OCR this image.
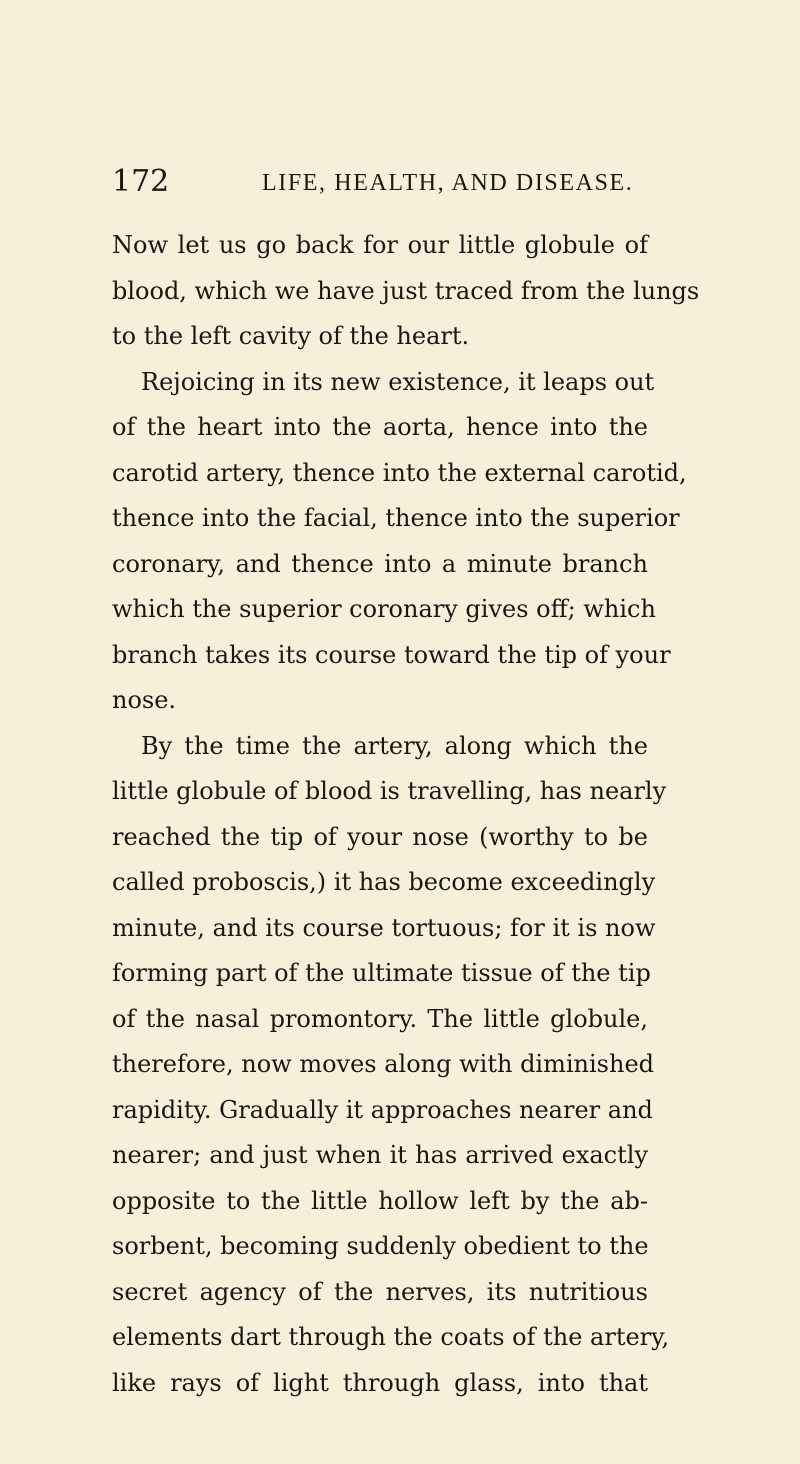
172	LIFE, HEALTH, AND DISEASE.
Now let us go back for our little globule of
blood, which we have just traced from the lungs
to the left cavity of the heart.
Rejoicing in its new existence, it leaps out
of the heart into the aorta, hence into the
carotid artery, thence into the external carotid,
thence into the facial, thence into the superior
coronary, and thence into a minute branch
which the superior coronary gives off; which
branch takes its course toward the tip of your
nose.
By the time the artery, along which the
little globule of blood is travelling, has nearly
reached the tip of your nose (worthy to be
called proboscis,) it has become exceedingly
minute, and its course tortuous; for it is now
forming part of the ultimate tissue of the tip
of the nasal promontory. The little globule,
therefore, now moves along with diminished
rapidity. Gradually it approaches nearer and
nearer; and just when it has arrived exactly
opposite to the little hollow left by the ab-
sorbent, becoming suddenly obedient to the
secret agency of the nerves, its nutritious
elements dart through the coats of the artery,
like rays of light through glass, into that
